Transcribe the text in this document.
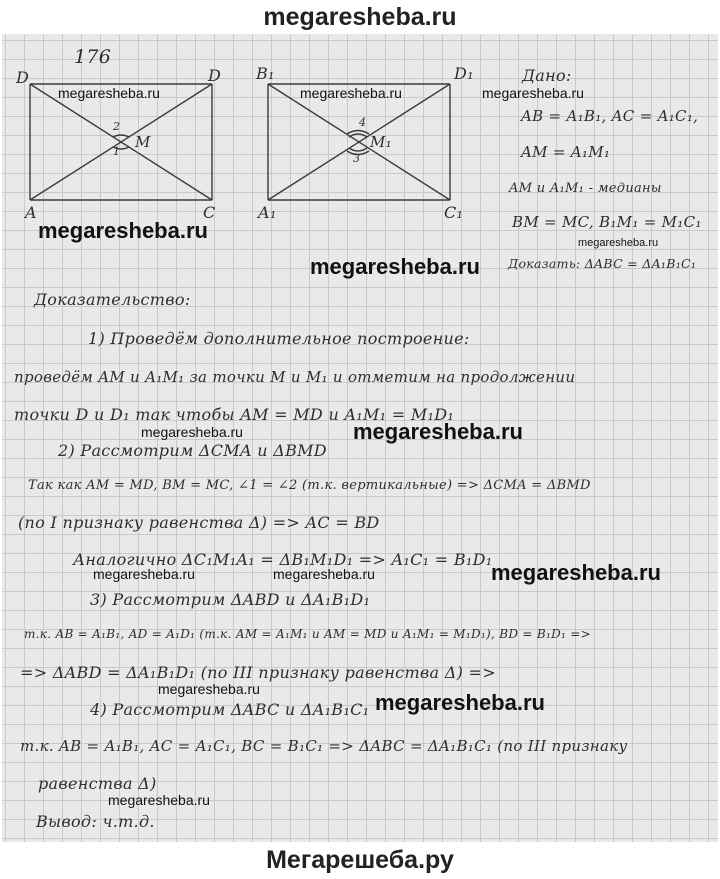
megaresheba.ru
176
D	D
A	C
M
1
2
B₁	D₁
A₁	C₁
M₁
3
4
Дано:
AB = A₁B₁, AC = A₁C₁,
AM = A₁M₁
AM и A₁M₁ - медианы
BM = MC, B₁M₁ = M₁C₁
Доказать: ΔABC = ΔA₁B₁C₁
Доказательство:
1) Проведём дополнительное построение:
проведём AM и A₁M₁ за точки M и M₁ и отметим на продолжении
точки D и D₁ так чтобы AM = MD и A₁M₁ = M₁D₁
2) Рассмотрим ΔCMA и ΔBMD
Так как AM = MD, BM = MC, ∠1 = ∠2 (т.к. вертикальные) => ΔCMA = ΔBMD
(по I признаку равенства Δ) => AC = BD
Аналогично ΔC₁M₁A₁ = ΔB₁M₁D₁ => A₁C₁ = B₁D₁
3) Рассмотрим ΔABD и ΔA₁B₁D₁
т.к. AB = A₁B₁, AD = A₁D₁ (т.к. AM = A₁M₁ и AM = MD и A₁M₁ = M₁D₁), BD = B₁D₁ =>
=> ΔABD = ΔA₁B₁D₁ (по III признаку равенства Δ) =>
4) Рассмотрим ΔABC и ΔA₁B₁C₁
т.к. AB = A₁B₁, AC = A₁C₁, BC = B₁C₁ => ΔABC = ΔA₁B₁C₁ (по III признаку
равенства Δ)
Вывод: ч.т.д.
megaresheba.ru	megaresheba.ru	megaresheba.ru
megaresheba.ru
megaresheba.ru
megaresheba.ru
megaresheba.ru	megaresheba.ru
megaresheba.ru	megaresheba.ru	megaresheba.ru
megaresheba.ru
megaresheba.ru
megaresheba.ru
Мегарешеба.ру
